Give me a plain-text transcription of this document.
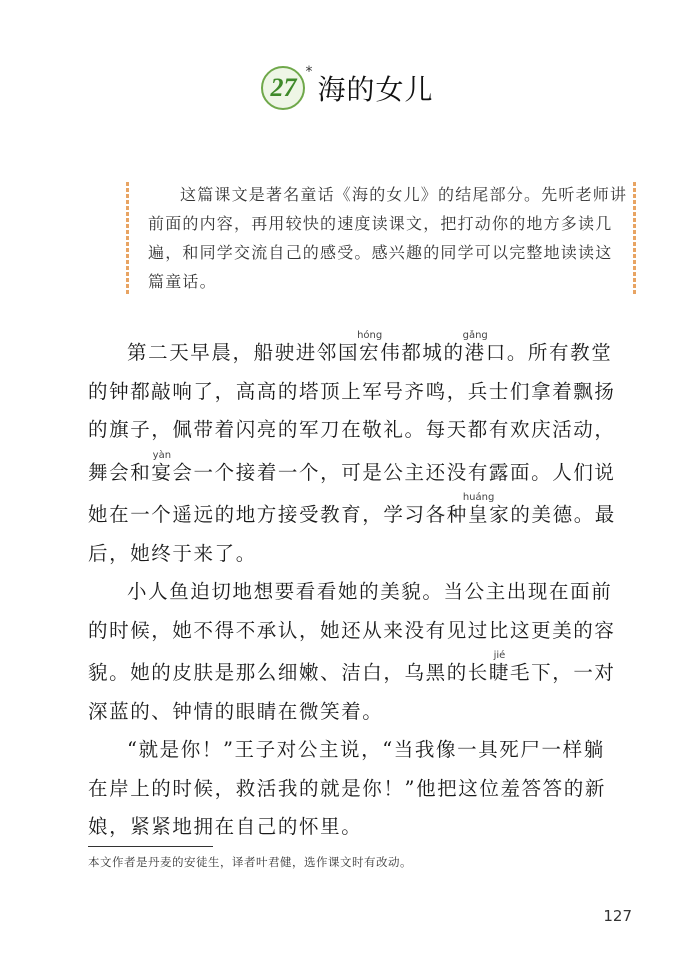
27
*
海的女儿

这篇课文是著名童话《海的女儿》的结尾部分。先听老师讲前面的内容，再用较快的速度读课文，把打动你的地方多读几遍，和同学交流自己的感受。感兴趣的同学可以完整地读读这篇童话。

第二天早晨，船驶进邻国宏hóng伟都城的港gǎng口。所有教堂

的钟都敲响了，高高的塔顶上军号齐鸣，兵士们拿着飘扬
的旗子，佩带着闪亮的军刀在敬礼。每天都有欢庆活动，
舞会和宴yàn会一个接着一个，可是公主还没有露面。人们说
她在一个遥远的地方接受教育，学习各种皇huáng家的美德。最
后，她终于来了。

小人鱼迫切地想要看看她的美貌。当公主出现在面前

的时候，她不得不承认，她还从来没有见过比这更美的容
貌。她的皮肤是那么细嫩、洁白，乌黑的长睫jié毛下，一对
深蓝的、钟情的眼睛在微笑着。

“就是你！”王子对公主说，“当我像一具死尸一样躺

在岸上的时候，救活我的就是你！”他把这位羞答答的新
娘，紧紧地拥在自己的怀里。

本文作者是丹麦的安徒生，译者叶君健，选作课文时有改动。
127
